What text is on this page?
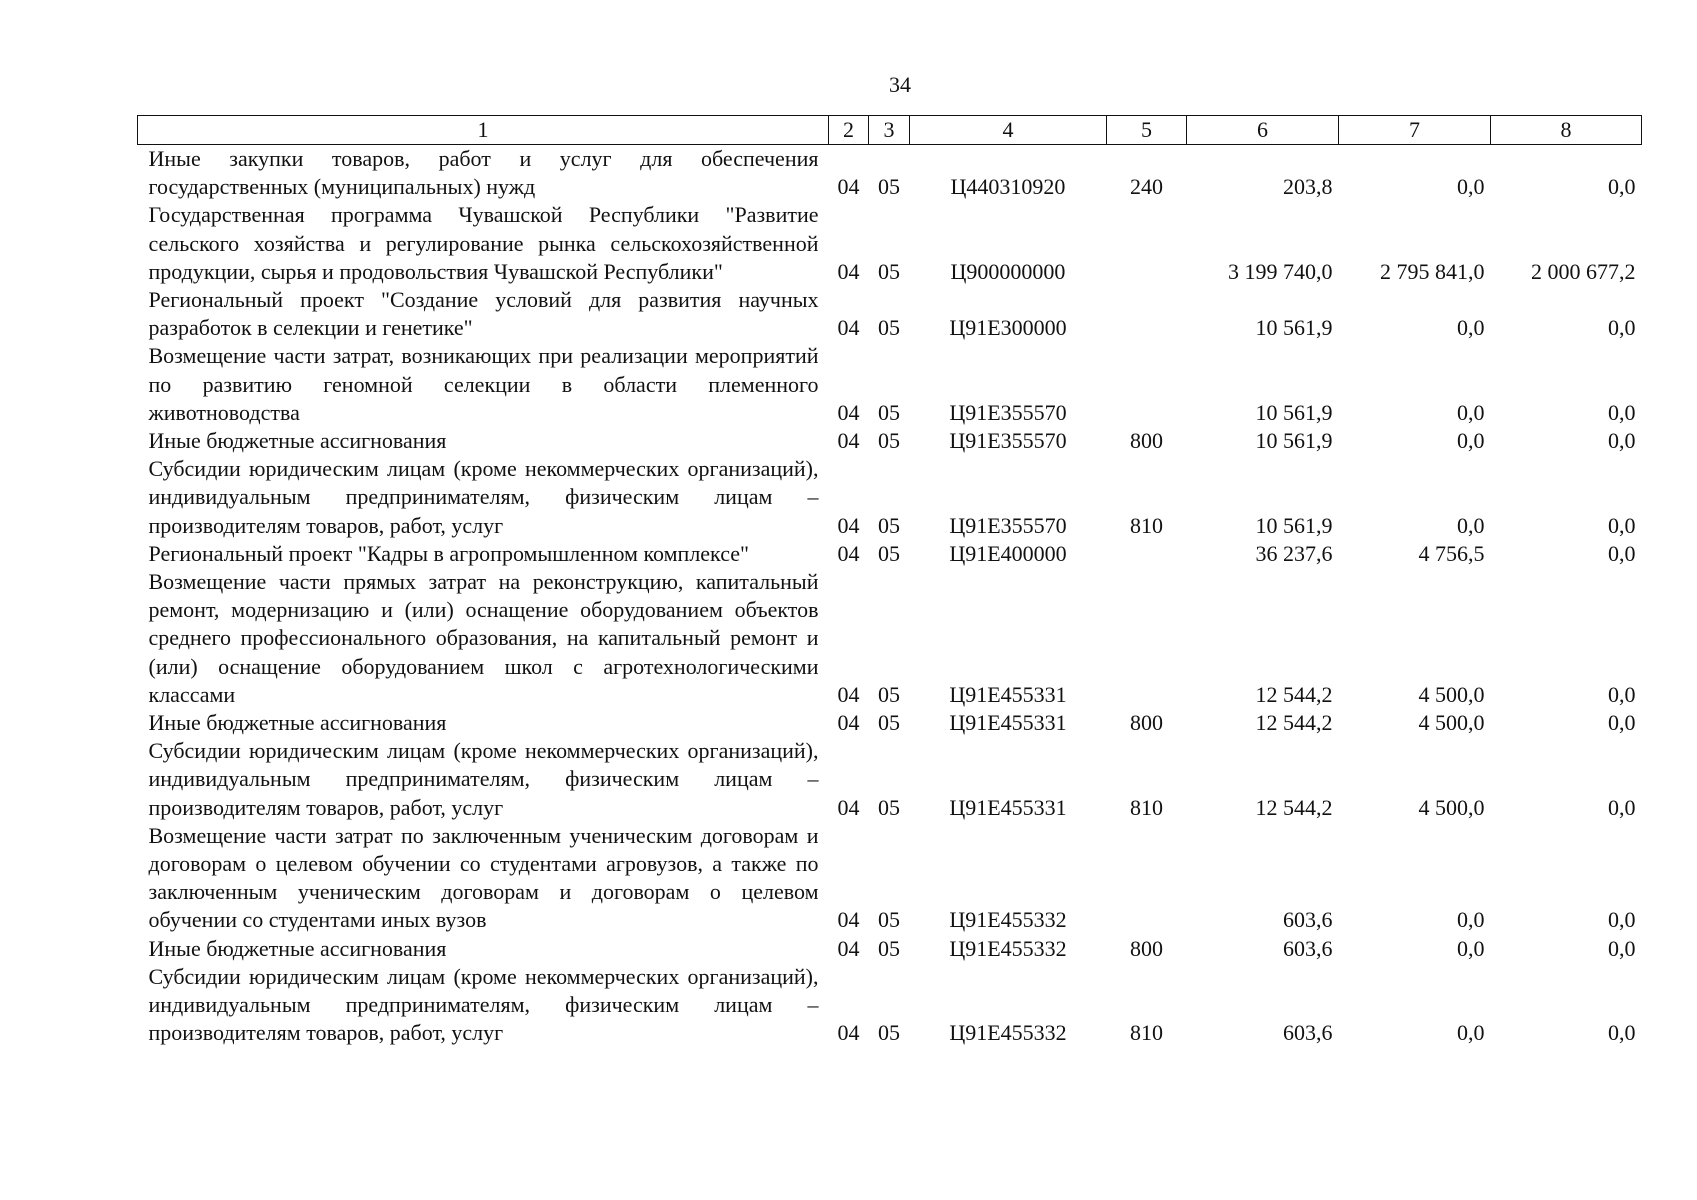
34
1	2	3	4	5	6	7	8
Иные закупки товаров, работ и услуг для обеспечения государственных (муниципальных) нужд	04	05	Ц440310920	240	203,8	0,0	0,0
Государственная программа Чувашской Республики "Развитие сельского хозяйства и регулирование рынка сельскохозяйственной продукции, сырья и продовольствия Чувашской Республики"	04	05	Ц900000000		3 199 740,0	2 795 841,0	2 000 677,2
Региональный проект "Создание условий для развития научных разработок в селекции и генетике"	04	05	Ц91Е300000		10 561,9	0,0	0,0
Возмещение части затрат, возникающих при реализации мероприятий по развитию геномной селекции в области племенного животноводства	04	05	Ц91Е355570		10 561,9	0,0	0,0
Иные бюджетные ассигнования	04	05	Ц91Е355570	800	10 561,9	0,0	0,0
Субсидии юридическим лицам (кроме некоммерческих организаций), индивидуальным предпринимателям, физическим лицам – производителям товаров, работ, услуг	04	05	Ц91Е355570	810	10 561,9	0,0	0,0
Региональный проект "Кадры в агропромышленном комплексе"	04	05	Ц91Е400000		36 237,6	4 756,5	0,0
Возмещение части прямых затрат на реконструкцию, капитальный ремонт, модернизацию и (или) оснащение оборудованием объектов среднего профессионального образования, на капитальный ремонт и (или) оснащение оборудованием школ с агротехнологическими классами	04	05	Ц91Е455331		12 544,2	4 500,0	0,0
Иные бюджетные ассигнования	04	05	Ц91Е455331	800	12 544,2	4 500,0	0,0
Субсидии юридическим лицам (кроме некоммерческих организаций), индивидуальным предпринимателям, физическим лицам – производителям товаров, работ, услуг	04	05	Ц91Е455331	810	12 544,2	4 500,0	0,0
Возмещение части затрат по заключенным ученическим договорам и договорам о целевом обучении со студентами агровузов, а также по заключенным ученическим договорам и договорам о целевом обучении со студентами иных вузов	04	05	Ц91Е455332		603,6	0,0	0,0
Иные бюджетные ассигнования	04	05	Ц91Е455332	800	603,6	0,0	0,0
Субсидии юридическим лицам (кроме некоммерческих организаций), индивидуальным предпринимателям, физическим лицам – производителям товаров, работ, услуг	04	05	Ц91Е455332	810	603,6	0,0	0,0
